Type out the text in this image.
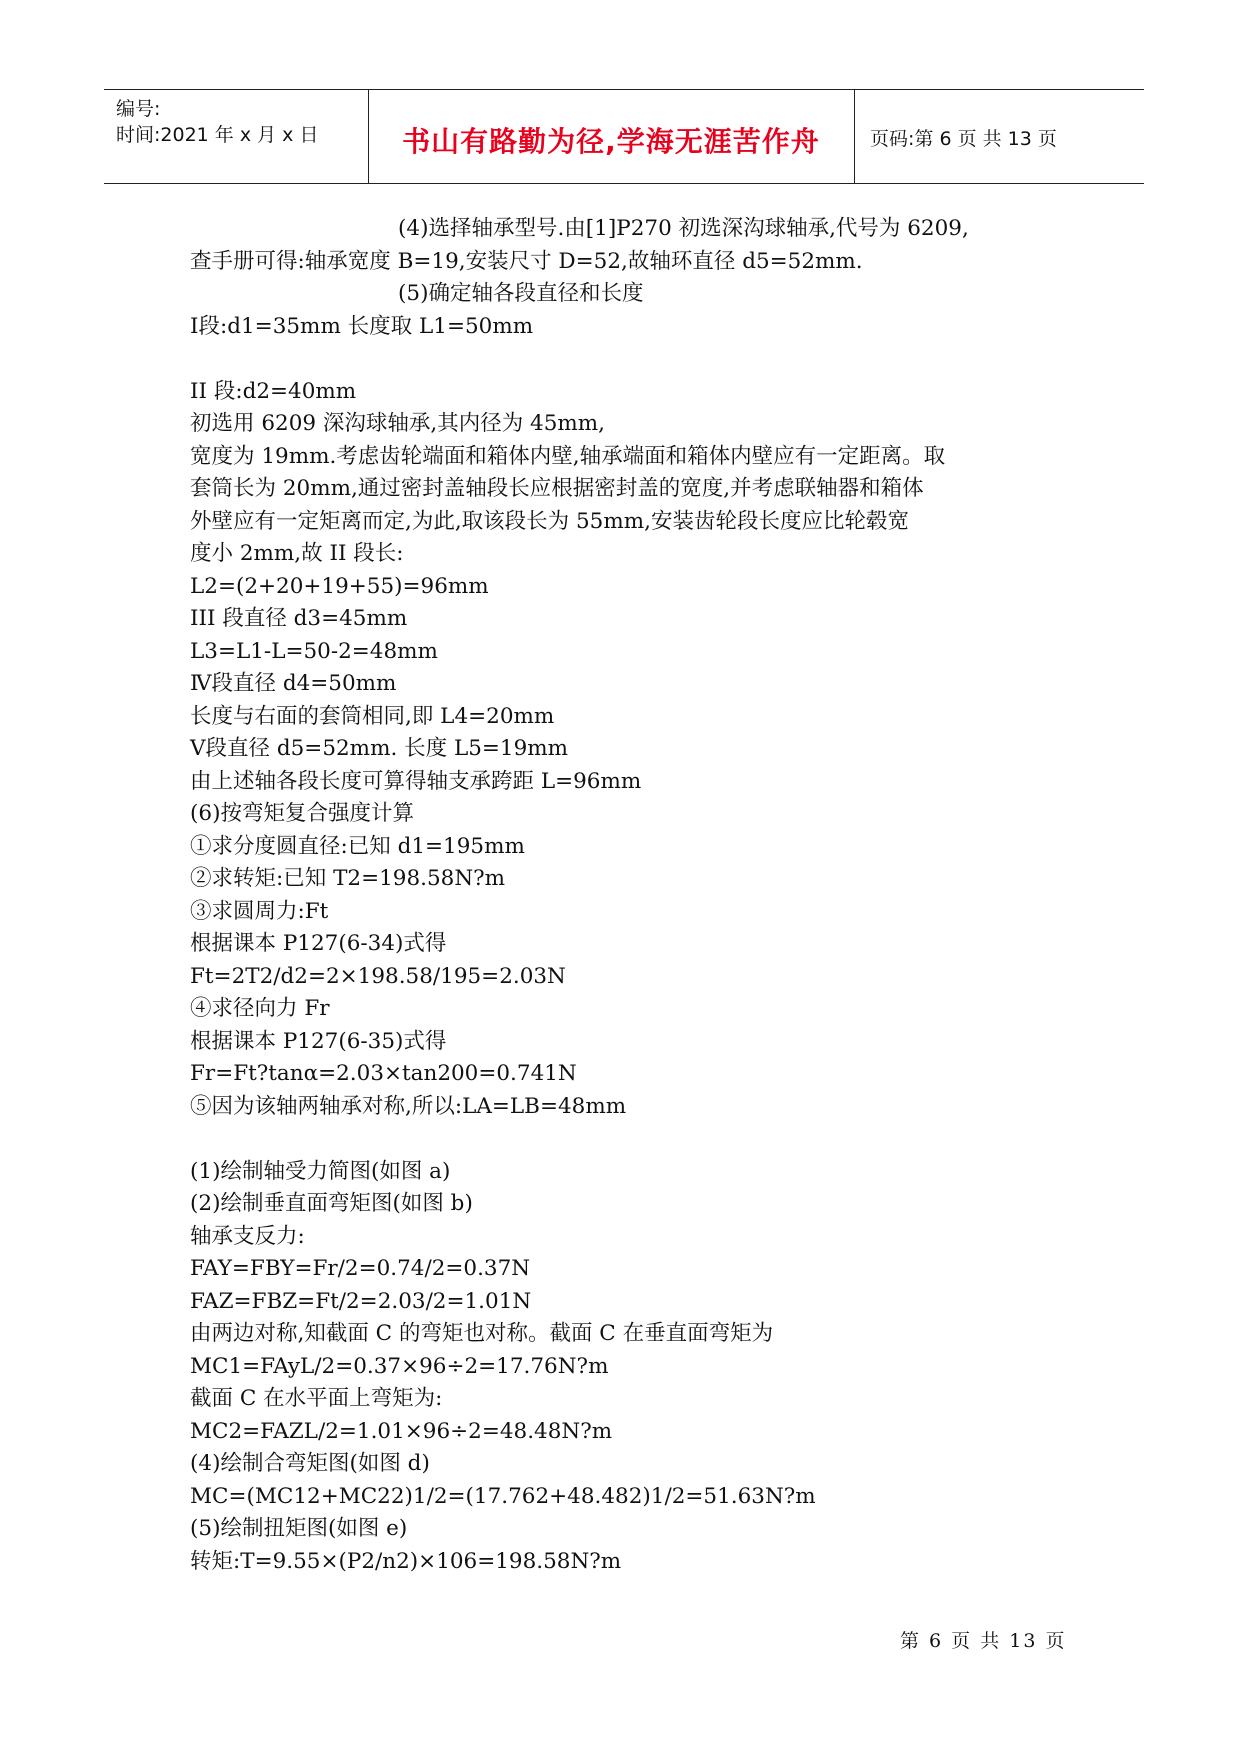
编号:
时间:2021 年 x 月 x 日	书山有路勤为径,学海无涯苦作舟	页码:第 6 页 共 13 页
(4)选择轴承型号.由[1]P270 初选深沟球轴承,代号为 6209,
查手册可得:轴承宽度 B=19,安装尺寸 D=52,故轴环直径 d5=52mm.
(5)确定轴各段直径和长度
Ⅰ段:d1=35mm 长度取 L1=50mm
II 段:d2=40mm
初选用 6209 深沟球轴承,其内径为 45mm,
宽度为 19mm.考虑齿轮端面和箱体内壁,轴承端面和箱体内壁应有一定距离。取
套筒长为 20mm,通过密封盖轴段长应根据密封盖的宽度,并考虑联轴器和箱体
外壁应有一定矩离而定,为此,取该段长为 55mm,安装齿轮段长度应比轮毂宽
度小 2mm,故 II 段长:
L2=(2+20+19+55)=96mm
III 段直径 d3=45mm
L3=L1-L=50-2=48mm
Ⅳ段直径 d4=50mm
长度与右面的套筒相同,即 L4=20mm
Ⅴ段直径 d5=52mm. 长度 L5=19mm
由上述轴各段长度可算得轴支承跨距 L=96mm
(6)按弯矩复合强度计算
①求分度圆直径:已知 d1=195mm
②求转矩:已知 T2=198.58N?m
③求圆周力:Ft
根据课本 P127(6-34)式得
Ft=2T2/d2=2×198.58/195=2.03N
④求径向力 Fr
根据课本 P127(6-35)式得
Fr=Ft?tanα=2.03×tan200=0.741N
⑤因为该轴两轴承对称,所以:LA=LB=48mm
(1)绘制轴受力简图(如图 a)
(2)绘制垂直面弯矩图(如图 b)
轴承支反力:
FAY=FBY=Fr/2=0.74/2=0.37N
FAZ=FBZ=Ft/2=2.03/2=1.01N
由两边对称,知截面 C 的弯矩也对称。截面 C 在垂直面弯矩为
MC1=FAyL/2=0.37×96÷2=17.76N?m
截面 C 在水平面上弯矩为:
MC2=FAZL/2=1.01×96÷2=48.48N?m
(4)绘制合弯矩图(如图 d)
MC=(MC12+MC22)1/2=(17.762+48.482)1/2=51.63N?m
(5)绘制扭矩图(如图 e)
转矩:T=9.55×(P2/n2)×106=198.58N?m
第 6 页 共 13 页
